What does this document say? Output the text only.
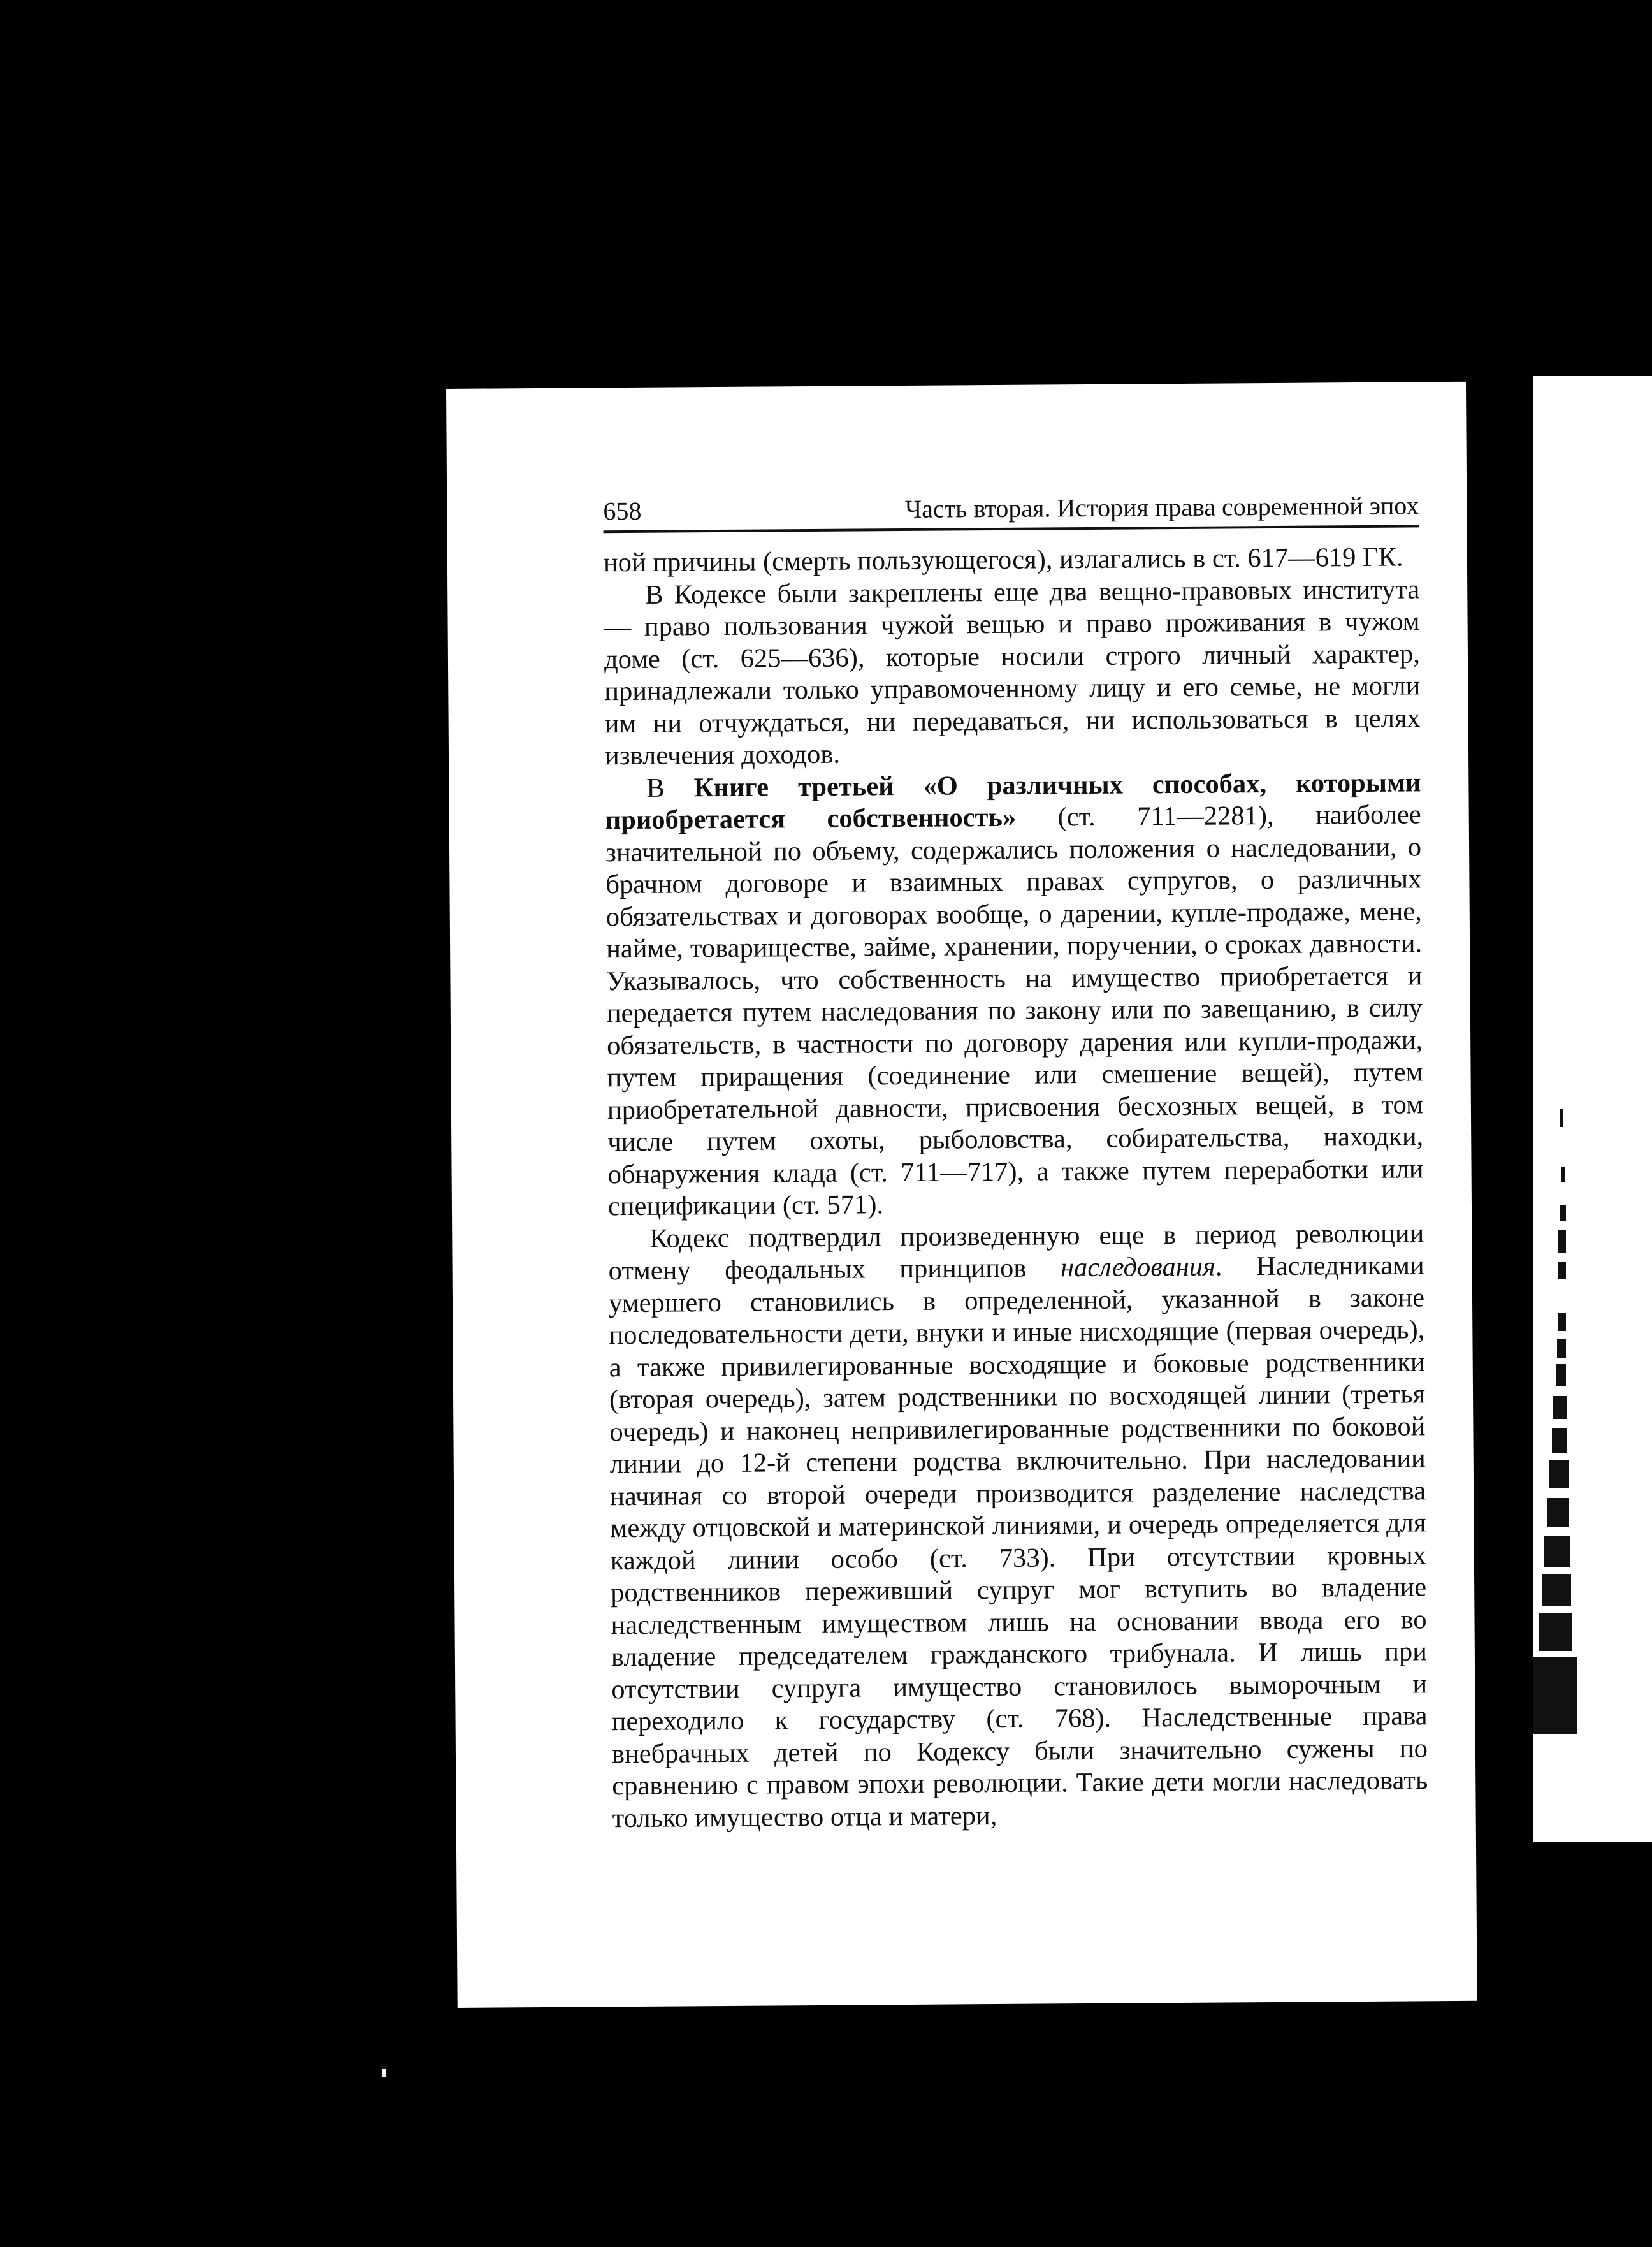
658	Часть вторая. История права современной эпох

ной причины (смерть пользующегося), излагались в ст. 617—619 ГК.

В Кодексе были закреплены еще два вещно-правовых института — право пользования чужой вещью и право проживания в чужом доме (ст. 625—636), которые носили строго личный характер, принадлежали только управомоченному лицу и его семье, не могли им ни отчуждаться, ни передаваться, ни использоваться в целях извлечения доходов.

В Книге третьей «О различных способах, которыми приобретается собственность» (ст. 711—2281), наиболее значительной по объему, содержались положения о наследовании, о брачном договоре и взаимных правах супругов, о различных обязательствах и договорах вообще, о дарении, купле-продаже, мене, найме, товариществе, займе, хранении, поручении, о сроках давности. Указывалось, что собственность на имущество приобретается и передается путем наследования по закону или по завещанию, в силу обязательств, в частности по договору дарения или купли-продажи, путем приращения (соединение или смешение вещей), путем приобретательной давности, присвоения бесхозных вещей, в том числе путем охоты, рыболовства, собирательства, находки, обнаружения клада (ст. 711—717), а также путем переработки или спецификации (ст. 571).

Кодекс подтвердил произведенную еще в период революции отмену феодальных принципов наследования. Наследниками умершего становились в определенной, указанной в законе последовательности дети, внуки и иные нисходящие (первая очередь), а также привилегированные восходящие и боковые родственники (вторая очередь), затем родственники по восходящей линии (третья очередь) и наконец непривилегированные родственники по боковой линии до 12-й степени родства включительно. При наследовании начиная со второй очереди производится разделение наследства между отцовской и материнской линиями, и очередь определяется для каждой линии особо (ст. 733). При отсутствии кровных родственников переживший супруг мог вступить во владение наследственным имуществом лишь на основании ввода его во владение председателем гражданского трибунала. И лишь при отсутствии супруга имущество становилось выморочным и переходило к государству (ст. 768). Наследственные права внебрачных детей по Кодексу были значительно сужены по сравнению с правом эпохи революции. Такие дети могли наследовать только имущество отца и матери,
